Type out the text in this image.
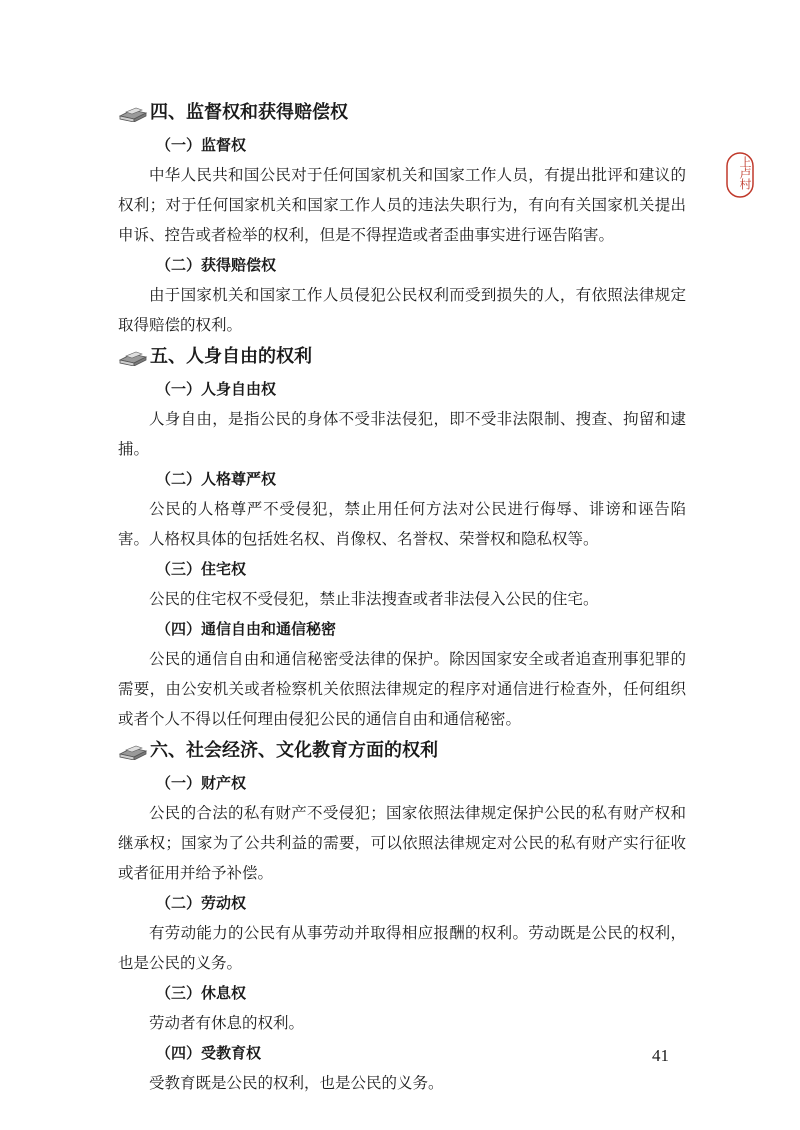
上卢村
四、监督权和获得赔偿权
（一）监督权

中华人民共和国公民对于任何国家机关和国家工作人员，有提出批评和建议的权利；对于任何国家机关和国家工作人员的违法失职行为，有向有关国家机关提出申诉、控告或者检举的权利，但是不得捏造或者歪曲事实进行诬告陷害。

（二）获得赔偿权

由于国家机关和国家工作人员侵犯公民权利而受到损失的人，有依照法律规定取得赔偿的权利。

五、人身自由的权利
（一）人身自由权

人身自由，是指公民的身体不受非法侵犯，即不受非法限制、搜查、拘留和逮捕。

（二）人格尊严权

公民的人格尊严不受侵犯，禁止用任何方法对公民进行侮辱、诽谤和诬告陷害。人格权具体的包括姓名权、肖像权、名誉权、荣誉权和隐私权等。

（三）住宅权

公民的住宅权不受侵犯，禁止非法搜查或者非法侵入公民的住宅。

（四）通信自由和通信秘密

公民的通信自由和通信秘密受法律的保护。除因国家安全或者追查刑事犯罪的需要，由公安机关或者检察机关依照法律规定的程序对通信进行检查外，任何组织或者个人不得以任何理由侵犯公民的通信自由和通信秘密。

六、社会经济、文化教育方面的权利
（一）财产权

公民的合法的私有财产不受侵犯；国家依照法律规定保护公民的私有财产权和继承权；国家为了公共利益的需要，可以依照法律规定对公民的私有财产实行征收或者征用并给予补偿。

（二）劳动权

有劳动能力的公民有从事劳动并取得相应报酬的权利。劳动既是公民的权利，也是公民的义务。

（三）休息权

劳动者有休息的权利。

（四）受教育权

受教育既是公民的权利，也是公民的义务。

41
